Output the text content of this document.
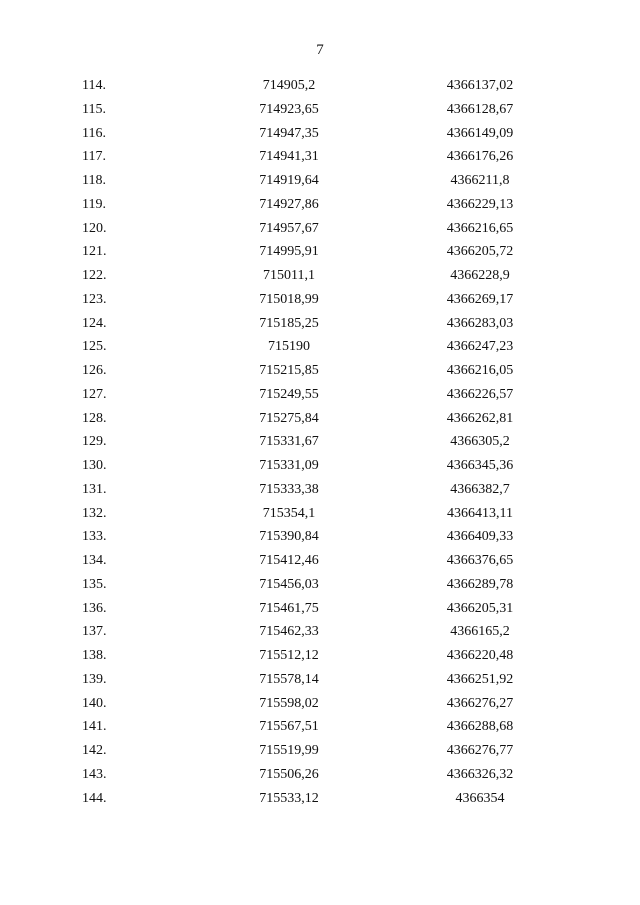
7
114.	714905,2	4366137,02
115.	714923,65	4366128,67
116.	714947,35	4366149,09
117.	714941,31	4366176,26
118.	714919,64	4366211,8
119.	714927,86	4366229,13
120.	714957,67	4366216,65
121.	714995,91	4366205,72
122.	715011,1	4366228,9
123.	715018,99	4366269,17
124.	715185,25	4366283,03
125.	715190	4366247,23
126.	715215,85	4366216,05
127.	715249,55	4366226,57
128.	715275,84	4366262,81
129.	715331,67	4366305,2
130.	715331,09	4366345,36
131.	715333,38	4366382,7
132.	715354,1	4366413,11
133.	715390,84	4366409,33
134.	715412,46	4366376,65
135.	715456,03	4366289,78
136.	715461,75	4366205,31
137.	715462,33	4366165,2
138.	715512,12	4366220,48
139.	715578,14	4366251,92
140.	715598,02	4366276,27
141.	715567,51	4366288,68
142.	715519,99	4366276,77
143.	715506,26	4366326,32
144.	715533,12	4366354
